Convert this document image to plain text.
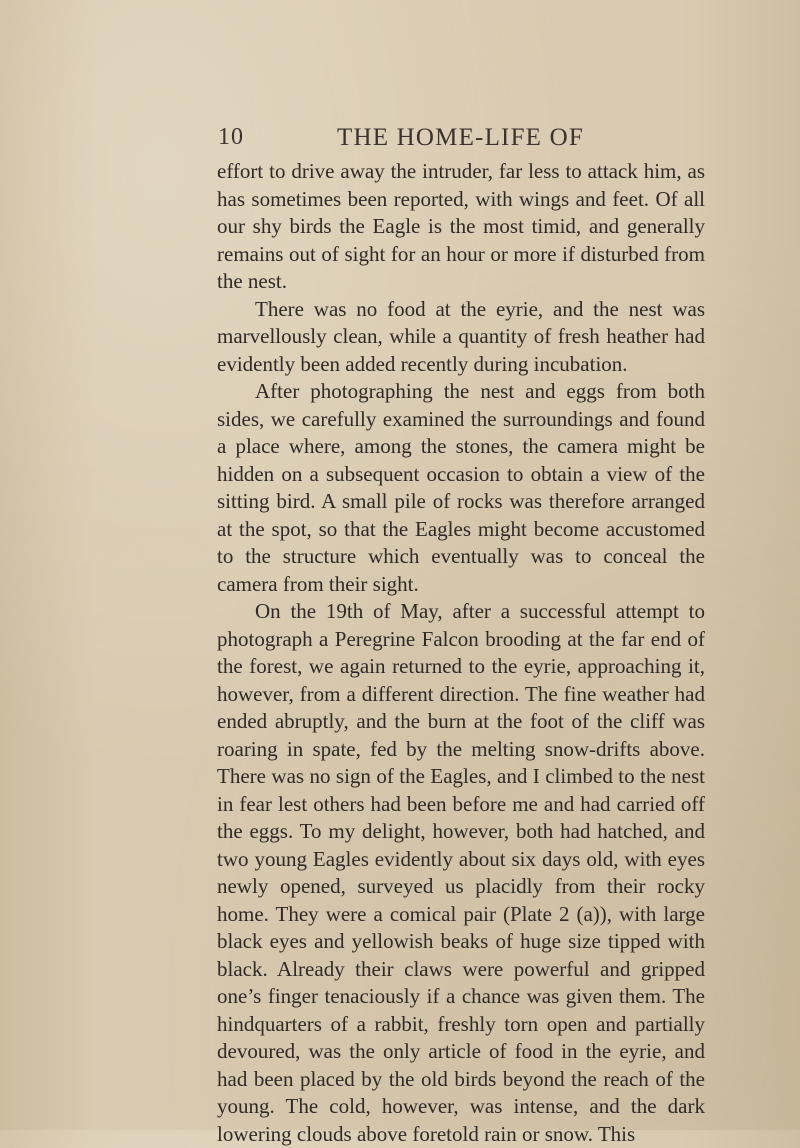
10	THE HOME-LIFE OF

effort to drive away the intruder, far less to attack him, as has sometimes been reported, with wings and feet. Of all our shy birds the Eagle is the most timid, and generally remains out of sight for an hour or more if disturbed from the nest.

There was no food at the eyrie, and the nest was marvellously clean, while a quantity of fresh heather had evidently been added recently during incubation.

After photographing the nest and eggs from both sides, we carefully examined the surroundings and found a place where, among the stones, the camera might be hidden on a subsequent occasion to obtain a view of the sitting bird. A small pile of rocks was therefore arranged at the spot, so that the Eagles might become accustomed to the structure which eventually was to conceal the camera from their sight.

On the 19th of May, after a successful attempt to photograph a Peregrine Falcon brooding at the far end of the forest, we again returned to the eyrie, approaching it, however, from a different direction. The fine weather had ended abruptly, and the burn at the foot of the cliff was roaring in spate, fed by the melting snow-drifts above. There was no sign of the Eagles, and I climbed to the nest in fear lest others had been before me and had carried off the eggs. To my delight, however, both had hatched, and two young Eagles evidently about six days old, with eyes newly opened, surveyed us placidly from their rocky home. They were a comical pair (Plate 2 (a)), with large black eyes and yellowish beaks of huge size tipped with black. Already their claws were powerful and gripped one’s finger tenaciously if a chance was given them. The hindquarters of a rabbit, freshly torn open and partially devoured, was the only article of food in the eyrie, and had been placed by the old birds beyond the reach of the young. The cold, however, was intense, and the dark lowering clouds above foretold rain or snow. This
